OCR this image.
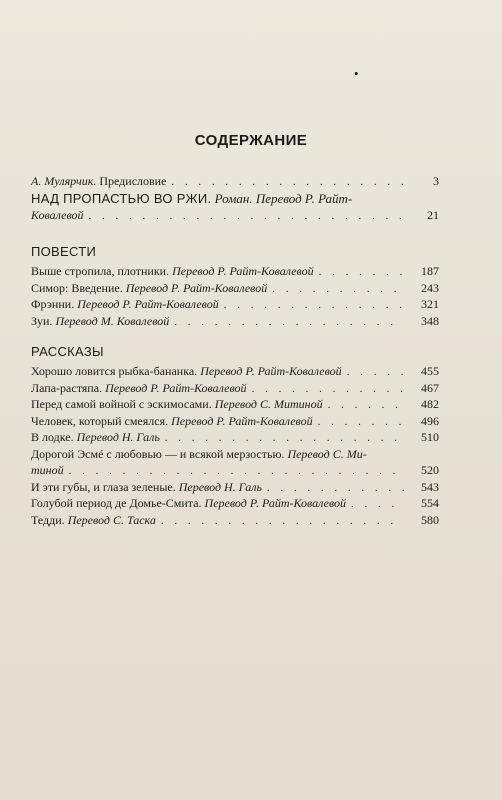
•
СОДЕРЖАНИЕ
А. Мулярчик. Предисловие . . .	3
НАД ПРОПАСТЬЮ ВО РЖИ. Роман. Перевод Р. Райт-
Ковалевой . . .	21
ПОВЕСТИ
Выше стропила, плотники. Перевод Р. Райт-Ковалевой . . .	187
Симор: Введение. Перевод Р. Райт-Ковалевой . . .	243
Фрэнни. Перевод Р. Райт-Ковалевой . . .	321
Зуи. Перевод М. Ковалевой . . .	348
РАССКАЗЫ
Хорошо ловится рыбка-бананка. Перевод Р. Райт-Ковалевой . . .	455
Лапа-растяпа. Перевод Р. Райт-Ковалевой . . .	467
Перед самой войной с эскимосами. Перевод С. Митиной . . .	482
Человек, который смеялся. Перевод Р. Райт-Ковалевой . . .	496
В лодке. Перевод Н. Галь . . .	510
Дорогой Эсмé с любовью — и всякой мерзостью. Перевод С. Ми-
тиной . . .	520
И эти губы, и глаза зеленые. Перевод Н. Галь . . .	543
Голубой период де Домье-Смита. Перевод Р. Райт-Ковалевой . . .	554
Тедди. Перевод С. Таска . . .	580
